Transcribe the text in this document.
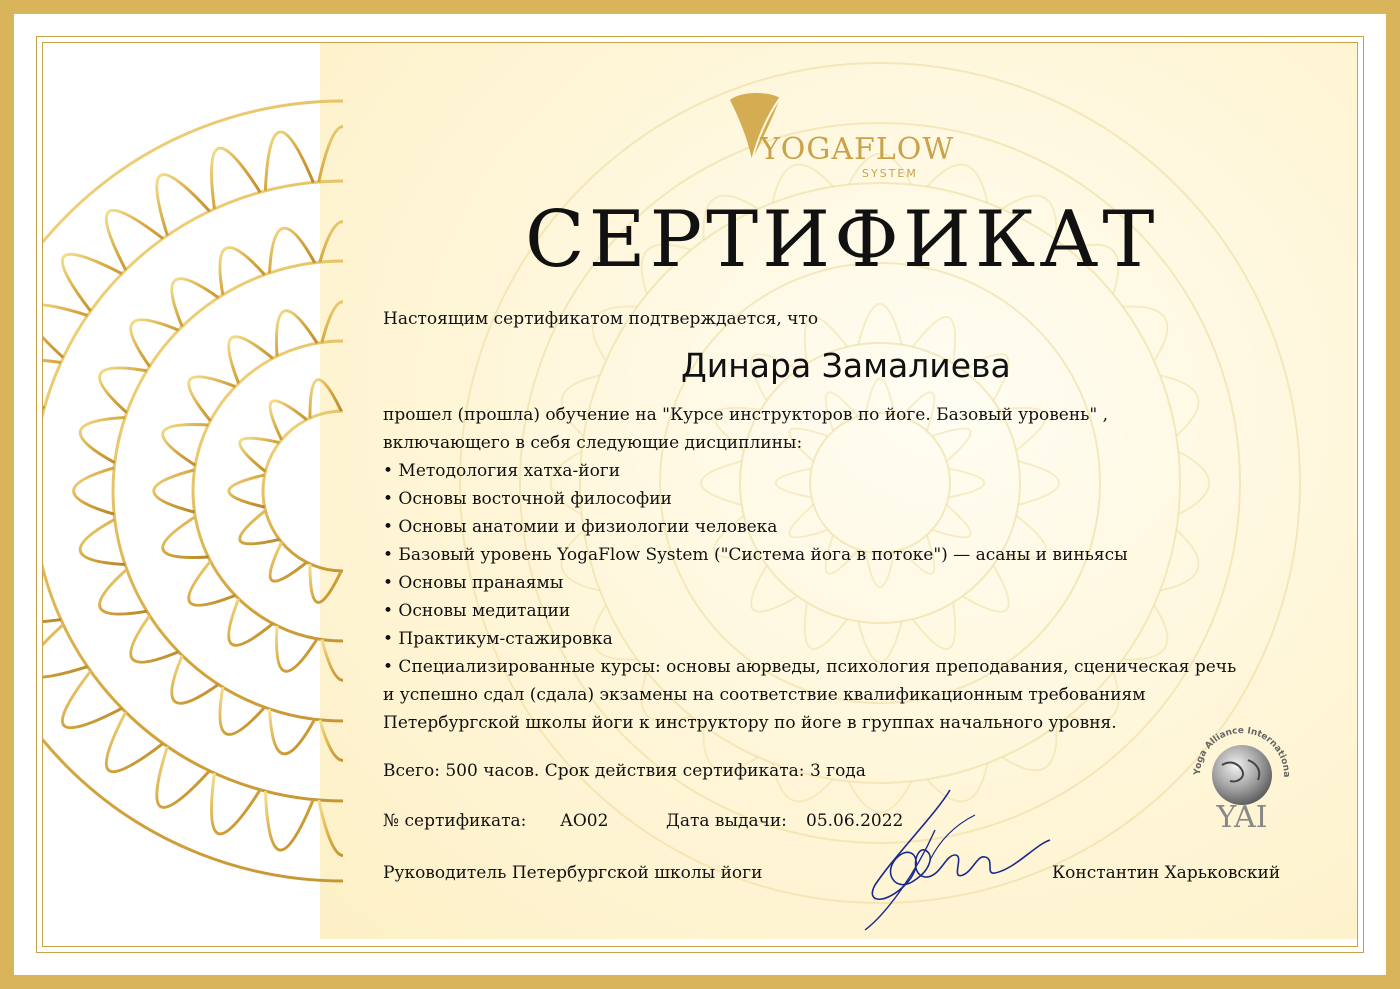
YOGAFLOW
SYSTEM
СЕРТИФИКАТ
Настоящим сертификатом подтверждается, что
Динара Замалиева
прошел (прошла) обучение на "Курсе инструкторов по йоге. Базовый уровень" ,
включающего в себя следующие дисциплины:
• Методология хатха-йоги
• Основы восточной философии
• Основы анатомии и физиологии человека
• Базовый уровень YogaFlow System ("Система йога в потоке") — асаны и виньясы
• Основы пранаямы
• Основы медитации
• Практикум-стажировка
• Специализированные курсы: основы аюрведы, психология преподавания, сценическая речь
и успешно сдал (сдала) экзамены на соответствие квалификационным требованиям
Петербургской школы йоги к инструктору по йоге в группах начального уровня.
Всего: 500 часов. Срок действия сертификата: 3 года
№ сертификата: АО02	Дата выдачи: 05.06.2022
Руководитель Петербургской школы йоги	Константин Харьковский
Yoga Alliance Internationa
YAI
